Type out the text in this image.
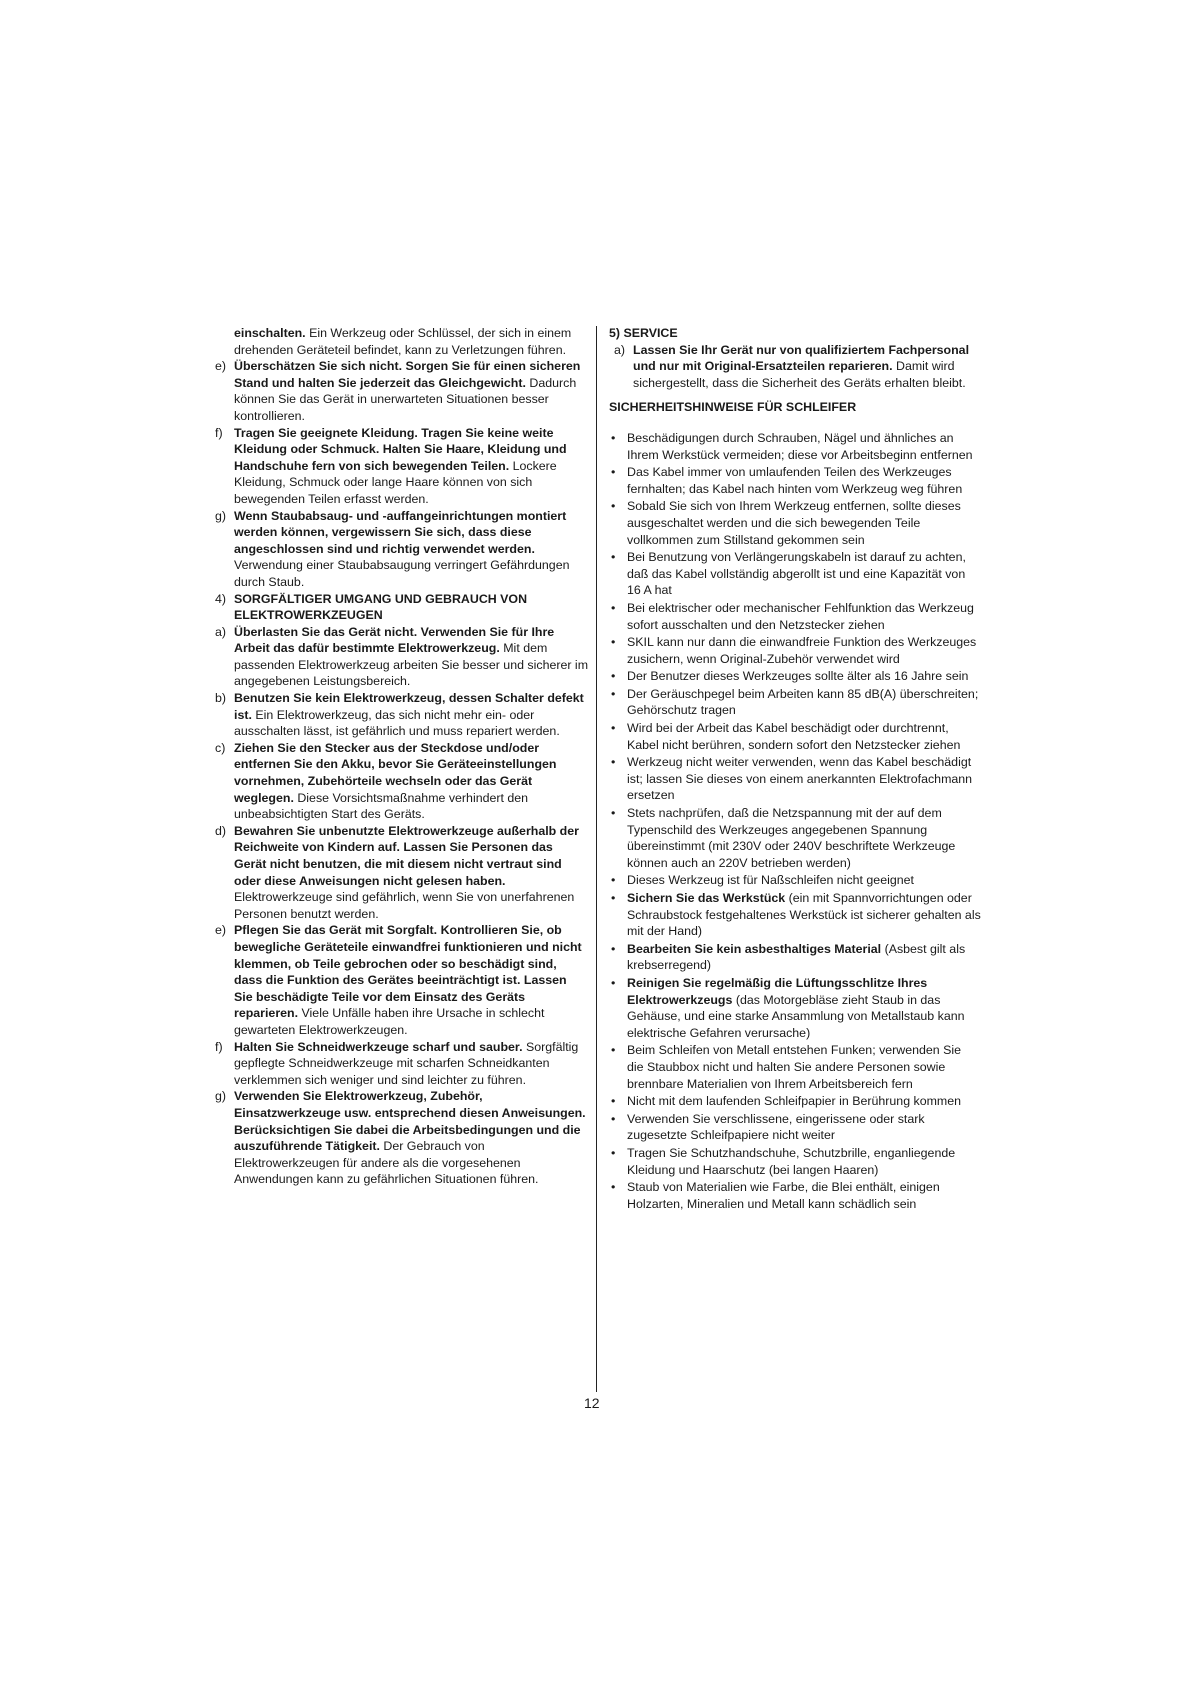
einschalten. Ein Werkzeug oder Schlüssel, der sich in einem drehenden Geräteteil befindet, kann zu Verletzungen führen.
e) Überschätzen Sie sich nicht. Sorgen Sie für einen sicheren Stand und halten Sie jederzeit das Gleichgewicht. Dadurch können Sie das Gerät in unerwarteten Situationen besser kontrollieren.
f) Tragen Sie geeignete Kleidung. Tragen Sie keine weite Kleidung oder Schmuck. Halten Sie Haare, Kleidung und Handschuhe fern von sich bewegenden Teilen. Lockere Kleidung, Schmuck oder lange Haare können von sich bewegenden Teilen erfasst werden.
g) Wenn Staubabsaug- und -auffangeinrichtungen montiert werden können, vergewissern Sie sich, dass diese angeschlossen sind und richtig verwendet werden. Verwendung einer Staubabsaugung verringert Gefährdungen durch Staub.
4) SORGFÄLTIGER UMGANG UND GEBRAUCH VON ELEKTROWERKZEUGEN
a) Überlasten Sie das Gerät nicht. Verwenden Sie für Ihre Arbeit das dafür bestimmte Elektrowerkzeug. Mit dem passenden Elektrowerkzeug arbeiten Sie besser und sicherer im angegebenen Leistungsbereich.
b) Benutzen Sie kein Elektrowerkzeug, dessen Schalter defekt ist. Ein Elektrowerkzeug, das sich nicht mehr ein- oder ausschalten lässt, ist gefährlich und muss repariert werden.
c) Ziehen Sie den Stecker aus der Steckdose und/oder entfernen Sie den Akku, bevor Sie Geräteeinstellungen vornehmen, Zubehörteile wechseln oder das Gerät weglegen. Diese Vorsichtsmaßnahme verhindert den unbeabsichtigten Start des Geräts.
d) Bewahren Sie unbenutzte Elektrowerkzeuge außerhalb der Reichweite von Kindern auf. Lassen Sie Personen das Gerät nicht benutzen, die mit diesem nicht vertraut sind oder diese Anweisungen nicht gelesen haben. Elektrowerkzeuge sind gefährlich, wenn Sie von unerfahrenen Personen benutzt werden.
e) Pflegen Sie das Gerät mit Sorgfalt. Kontrollieren Sie, ob bewegliche Geräteteile einwandfrei funktionieren und nicht klemmen, ob Teile gebrochen oder so beschädigt sind, dass die Funktion des Gerätes beeinträchtigt ist. Lassen Sie beschädigte Teile vor dem Einsatz des Geräts reparieren. Viele Unfälle haben ihre Ursache in schlecht gewarteten Elektrowerkzeugen.
f) Halten Sie Schneidwerkzeuge scharf und sauber. Sorgfältig gepflegte Schneidwerkzeuge mit scharfen Schneidkanten verklemmen sich weniger und sind leichter zu führen.
g) Verwenden Sie Elektrowerkzeug, Zubehör, Einsatzwerkzeuge usw. entsprechend diesen Anweisungen. Berücksichtigen Sie dabei die Arbeitsbedingungen und die auszuführende Tätigkeit. Der Gebrauch von Elektrowerkzeugen für andere als die vorgesehenen Anwendungen kann zu gefährlichen Situationen führen.
5) SERVICE
a) Lassen Sie Ihr Gerät nur von qualifiziertem Fachpersonal und nur mit Original-Ersatzteilen reparieren. Damit wird sichergestellt, dass die Sicherheit des Geräts erhalten bleibt.
SICHERHEITSHINWEISE FÜR SCHLEIFER
• Beschädigungen durch Schrauben, Nägel und ähnliches an Ihrem Werkstück vermeiden; diese vor Arbeitsbeginn entfernen
• Das Kabel immer von umlaufenden Teilen des Werkzeuges fernhalten; das Kabel nach hinten vom Werkzeug weg führen
• Sobald Sie sich von Ihrem Werkzeug entfernen, sollte dieses ausgeschaltet werden und die sich bewegenden Teile vollkommen zum Stillstand gekommen sein
• Bei Benutzung von Verlängerungskabeln ist darauf zu achten, daß das Kabel vollständig abgerollt ist und eine Kapazität von 16 A hat
• Bei elektrischer oder mechanischer Fehlfunktion das Werkzeug sofort ausschalten und den Netzstecker ziehen
• SKIL kann nur dann die einwandfreie Funktion des Werkzeuges zusichern, wenn Original-Zubehör verwendet wird
• Der Benutzer dieses Werkzeuges sollte älter als 16 Jahre sein
• Der Geräuschpegel beim Arbeiten kann 85 dB(A) überschreiten; Gehörschutz tragen
• Wird bei der Arbeit das Kabel beschädigt oder durchtrennt, Kabel nicht berühren, sondern sofort den Netzstecker ziehen
• Werkzeug nicht weiter verwenden, wenn das Kabel beschädigt ist; lassen Sie dieses von einem anerkannten Elektrofachmann ersetzen
• Stets nachprüfen, daß die Netzspannung mit der auf dem Typenschild des Werkzeuges angegebenen Spannung übereinstimmt (mit 230V oder 240V beschriftete Werkzeuge können auch an 220V betrieben werden)
• Dieses Werkzeug ist für Naßschleifen nicht geeignet
• Sichern Sie das Werkstück (ein mit Spannvorrichtungen oder Schraubstock festgehaltenes Werkstück ist sicherer gehalten als mit der Hand)
• Bearbeiten Sie kein asbesthaltiges Material (Asbest gilt als krebserregend)
• Reinigen Sie regelmäßig die Lüftungsschlitze Ihres Elektrowerkzeugs (das Motorgebläse zieht Staub in das Gehäuse, und eine starke Ansammlung von Metallstaub kann elektrische Gefahren verursache)
• Beim Schleifen von Metall entstehen Funken; verwenden Sie die Staubbox nicht und halten Sie andere Personen sowie brennbare Materialien von Ihrem Arbeitsbereich fern
• Nicht mit dem laufenden Schleifpapier in Berührung kommen
• Verwenden Sie verschlissene, eingerissene oder stark zugesetzte Schleifpapiere nicht weiter
• Tragen Sie Schutzhandschuhe, Schutzbrille, enganliegende Kleidung und Haarschutz (bei langen Haaren)
• Staub von Materialien wie Farbe, die Blei enthält, einigen Holzarten, Mineralien und Metall kann schädlich sein
12
